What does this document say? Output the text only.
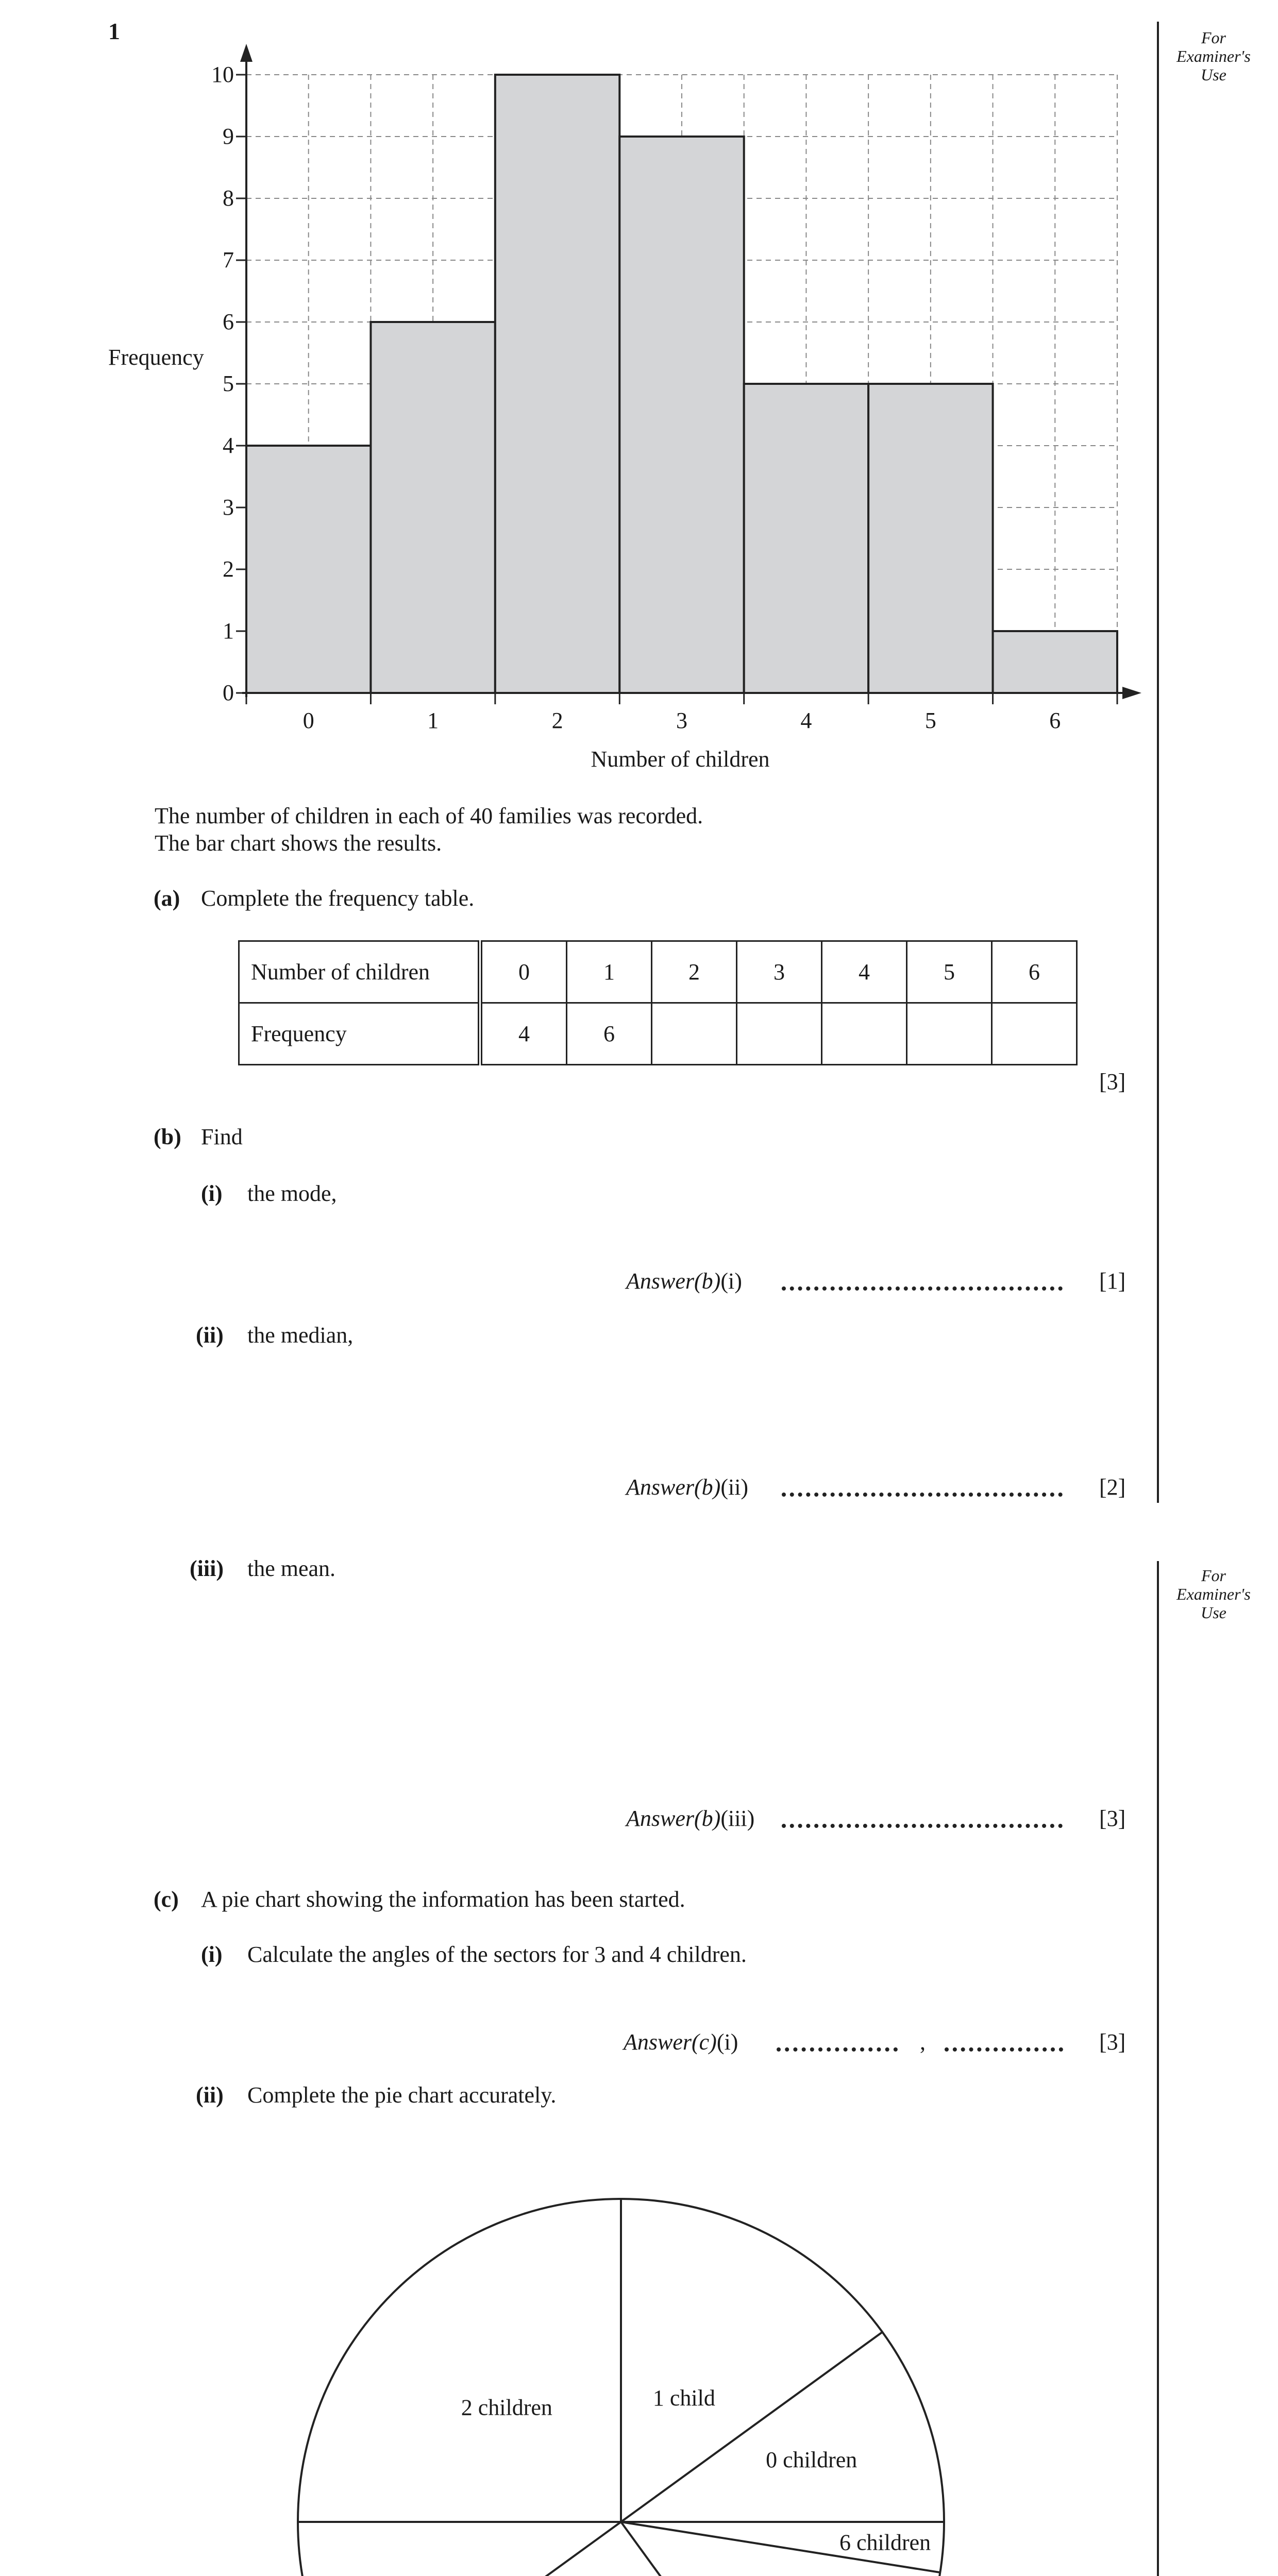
1	For
Examiner's
Use
0
1
2
3
4
5
6
7
8
9
10
0	1	2	3	4	5	6
Frequency
Number of children
The number of children in each of 40 families was recorded.
The bar chart shows the results.
(a) Complete the frequency table.
Number of children	0	1	2	3	4	5	6
Frequency	4	6					
[3]
(b) Find
(i) the mode,
Answer(b)(i)	[1]
(ii) the median,
Answer(b)(ii)	[2]
For
Examiner's
Use
(iii) the mean.
Answer(b)(iii)	[3]
(c) A pie chart showing the information has been started.
(i) Calculate the angles of the sectors for 3 and 4 children.
Answer(c)(i)	,	[3]
(ii) Complete the pie chart accurately.
1 child
0 children
6 children
2 children
